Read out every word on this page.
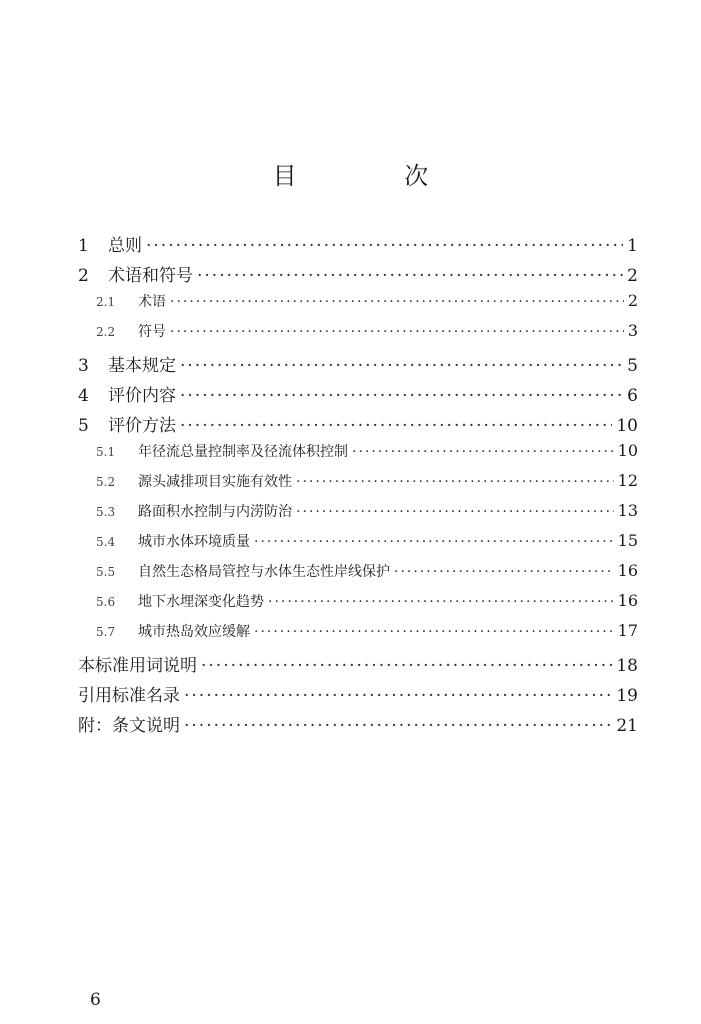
目 次
1	总则 ·····	1
2	术语和符号 ·····	2
2.1	术语 ·····	2
2.2	符号 ·····	3
3	基本规定 ·····	5
4	评价内容 ·····	6
5	评价方法 ·····	10
5.1	年径流总量控制率及径流体积控制 ·····	10
5.2	源头减排项目实施有效性 ·····	12
5.3	路面积水控制与内涝防治 ·····	13
5.4	城市水体环境质量 ·····	15
5.5	自然生态格局管控与水体生态性岸线保护 ·····	16
5.6	地下水埋深变化趋势 ·····	16
5.7	城市热岛效应缓解 ·····	17
本标准用词说明 ·····	18
引用标准名录 ·····	19
附：条文说明 ·····	21
6
